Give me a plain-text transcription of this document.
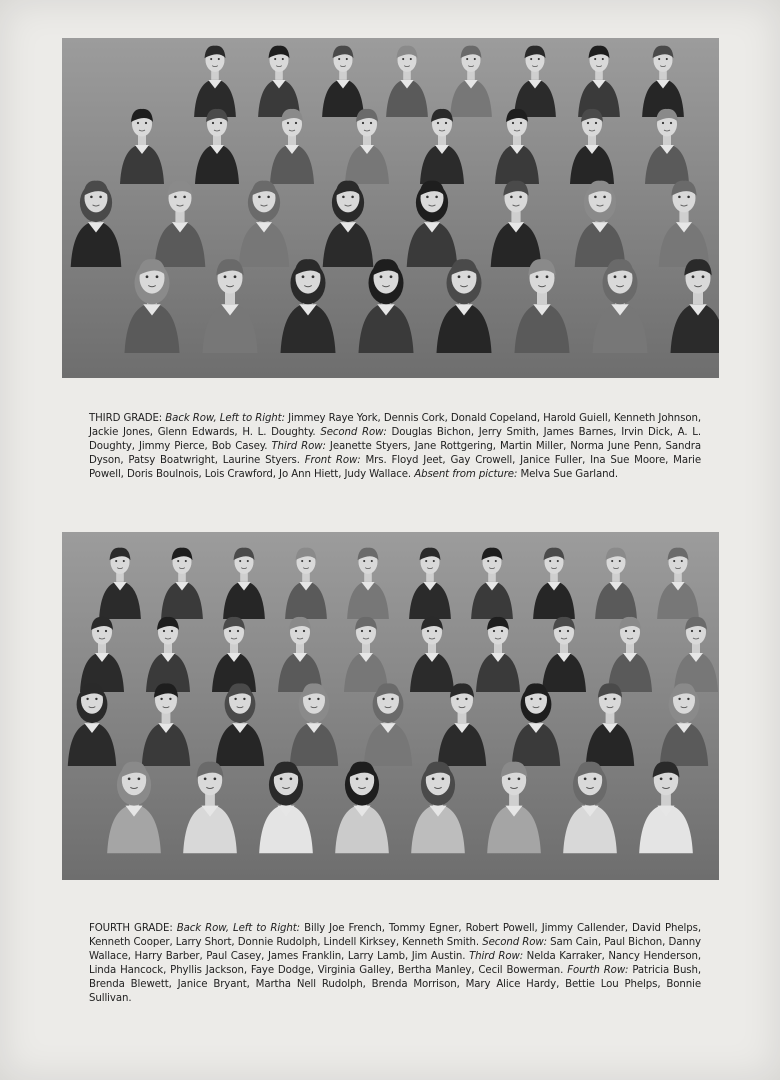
THIRD GRADE: Back Row, Left to Right: Jimmey Raye York, Dennis Cork, Donald Copeland, Harold Guiell, Kenneth Johnson, Jackie Jones, Glenn Edwards, H. L. Doughty. Second Row: Douglas Bichon, Jerry Smith, James Barnes, Irvin Dick, A. L. Doughty, Jimmy Pierce, Bob Casey. Third Row: Jeanette Styers, Jane Rottgering, Martin Miller, Norma June Penn, Sandra Dyson, Patsy Boatwright, Laurine Styers. Front Row: Mrs. Floyd Jeet, Gay Crowell, Janice Fuller, Ina Sue Moore, Marie Powell, Doris Boulnois, Lois Crawford, Jo Ann Hiett, Judy Wallace. Absent from picture: Melva Sue Garland.

FOURTH GRADE: Back Row, Left to Right: Billy Joe French, Tommy Egner, Robert Powell, Jimmy Callender, David Phelps, Kenneth Cooper, Larry Short, Donnie Rudolph, Lindell Kirksey, Kenneth Smith. Second Row: Sam Cain, Paul Bichon, Danny Wallace, Harry Barber, Paul Casey, James Franklin, Larry Lamb, Jim Austin. Third Row: Nelda Karraker, Nancy Henderson, Linda Hancock, Phyllis Jackson, Faye Dodge, Virginia Galley, Bertha Manley, Cecil Bowerman. Fourth Row: Patricia Bush, Brenda Blewett, Janice Bryant, Martha Nell Rudolph, Brenda Morrison, Mary Alice Hardy, Bettie Lou Phelps, Bonnie Sullivan.
